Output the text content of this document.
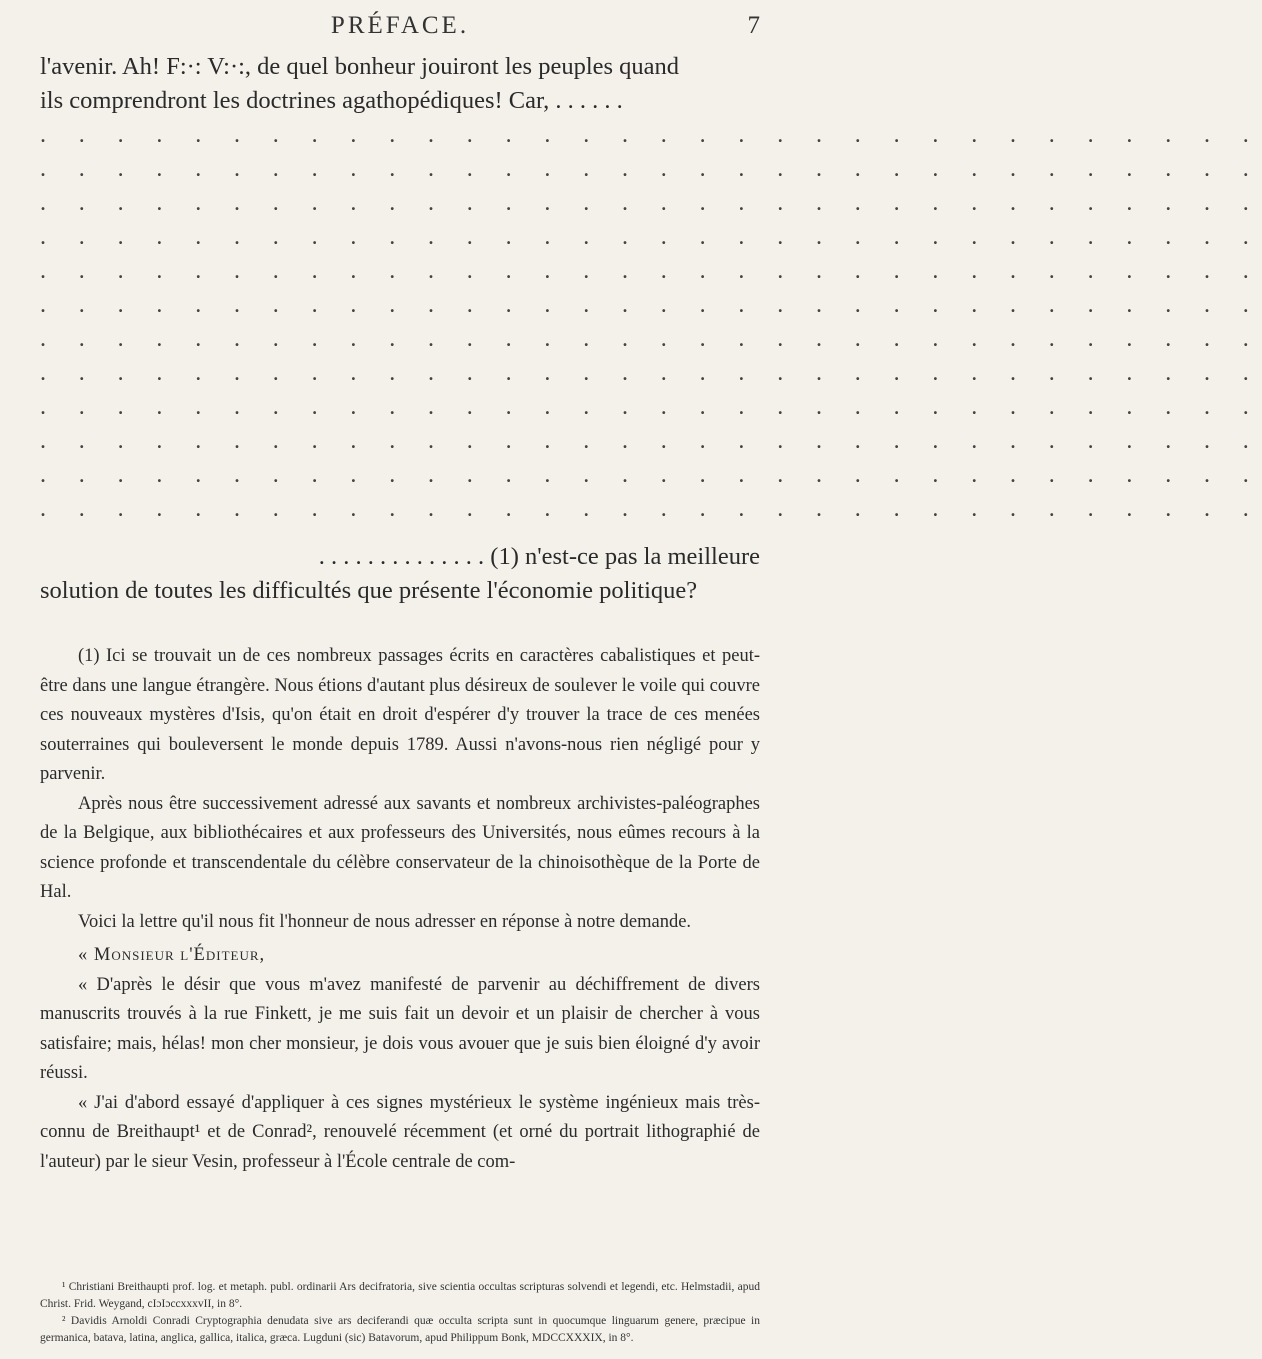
PRÉFACE.	7

l'avenir. Ah! F:·: V:·:, de quel bonheur jouiront les peuples quand

ils comprendront les doctrines agathopédiques! Car, . . . . . .

. . . . . . . . . . . . . . . . . . . . . . . . . . . . . . . .
. . . . . . . . . . . . . . . . . . . . . . . . . . . . . . . .
. . . . . . . . . . . . . . . . . . . . . . . . . . . . . . . .
. . . . . . . . . . . . . . . . . . . . . . . . . . . . . . . .
. . . . . . . . . . . . . . . . . . . . . . . . . . . . . . . .
. . . . . . . . . . . . . . . . . . . . . . . . . . . . . . . .
. . . . . . . . . . . . . . . . . . . . . . . . . . . . . . . .
. . . . . . . . . . . . . . . . . . . . . . . . . . . . . . . .
. . . . . . . . . . . . . . . . . . . . . . . . . . . . . . . .
. . . . . . . . . . . . . . . . . . . . . . . . . . . . . . . .
. . . . . . . . . . . . . . . . . . . . . . . . . . . . . . . .
. . . . . . . . . . . . . . . . . . . . . . . . . . . . . . . .

. . . . . . . . . . . . . . (1) n'est-ce pas la meilleure

solution de toutes les difficultés que présente l'économie politique?

(1) Ici se trouvait un de ces nombreux passages écrits en caractères cabalistiques et peut-être dans une langue étrangère. Nous étions d'autant plus désireux de soulever le voile qui couvre ces nouveaux mystères d'Isis, qu'on était en droit d'espérer d'y trouver la trace de ces menées souterraines qui bouleversent le monde depuis 1789. Aussi n'avons-nous rien négligé pour y parvenir.

Après nous être successivement adressé aux savants et nombreux archivistes-paléographes de la Belgique, aux bibliothécaires et aux professeurs des Universités, nous eûmes recours à la science profonde et transcendentale du célèbre conservateur de la chinoisothèque de la Porte de Hal.

Voici la lettre qu'il nous fit l'honneur de nous adresser en réponse à notre demande.

« Monsieur l'Éditeur,

« D'après le désir que vous m'avez manifesté de parvenir au déchiffrement de divers manuscrits trouvés à la rue Finkett, je me suis fait un devoir et un plaisir de chercher à vous satisfaire; mais, hélas! mon cher monsieur, je dois vous avouer que je suis bien éloigné d'y avoir réussi.

« J'ai d'abord essayé d'appliquer à ces signes mystérieux le système ingénieux mais très-connu de Breithaupt¹ et de Conrad², renouvelé récemment (et orné du portrait lithographié de l'auteur) par le sieur Vesin, professeur à l'École centrale de com-

¹ Christiani Breithaupti prof. log. et metaph. publ. ordinarii Ars decifratoria, sive scientia occultas scripturas solvendi et legendi, etc. Helmstadii, apud Christ. Frid. Weygand, cIɔIɔccxxxvII, in 8°.

² Davidis Arnoldi Conradi Cryptographia denudata sive ars deciferandi quæ occulta scripta sunt in quocumque linguarum genere, præcipue in germanica, batava, latina, anglica, gallica, italica, græca. Lugduni (sic) Batavorum, apud Philippum Bonk, MDCCXXXIX, in 8°.
